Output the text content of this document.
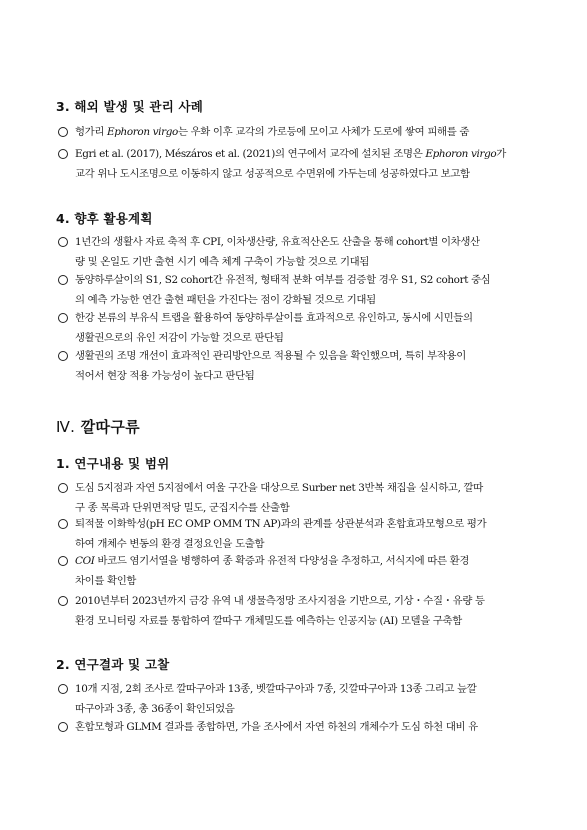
3. 해외 발생 및 관리 사례
헝가리 Ephoron virgo는 우화 이후 교각의 가로등에 모이고 사체가 도로에 쌓여 피해를 줌
Egri et al. (2017), Mészáros et al. (2021)의 연구에서 교각에 설치된 조명은 Ephoron virgo가
교각 위나 도시조명으로 이동하지 않고 성공적으로 수면위에 가두는데 성공하였다고 보고함
4. 향후 활용계획
1년간의 생활사 자료 축적 후 CPI, 이차생산량, 유효적산온도 산출을 통해 cohort별 이차생산
량 및 온일도 기반 출현 시기 예측 체계 구축이 가능할 것으로 기대됨
동양하루살이의 S1, S2 cohort간 유전적, 형태적 분화 여부를 검증할 경우 S1, S2 cohort 중심
의 예측 가능한 연간 출현 패턴을 가진다는 점이 강화될 것으로 기대됨
한강 본류의 부유식 트랩을 활용하여 동양하루살이를 효과적으로 유인하고, 동시에 시민들의
생활권으로의 유인 저감이 가능할 것으로 판단됨
생활권의 조명 개선이 효과적인 관리방안으로 적용될 수 있음을 확인했으며, 특히 부작용이
적어서 현장 적용 가능성이 높다고 판단됨
Ⅳ. 깔따구류
1. 연구내용 및 범위
도심 5지점과 자연 5지점에서 여울 구간을 대상으로 Surber net 3반복 채집을 실시하고, 깔따
구 종 목록과 단위면적당 밀도, 군집지수를 산출함
퇴적물 이화학성(pH EC OMP OMM TN AP)과의 관계를 상관분석과 혼합효과모형으로 평가
하여 개체수 변동의 환경 결정요인을 도출함
COI 바코드 염기서열을 병행하여 종 확증과 유전적 다양성을 추정하고, 서식지에 따른 환경
차이를 확인함
2010년부터 2023년까지 금강 유역 내 생물측정망 조사지점을 기반으로, 기상・수질・유량 등
환경 모니터링 자료를 통합하여 깔따구 개체밀도를 예측하는 인공지능 (AI) 모델을 구축함
2. 연구결과 및 고찰
10개 지점, 2회 조사로 깔따구아과 13종, 벳깔따구아과 7종, 깃깔따구아과 13종 그리고 늪깔
따구아과 3종, 총 36종이 확인되었음
혼합모형과 GLMM 결과를 종합하면, 가을 조사에서 자연 하천의 개체수가 도심 하천 대비 유
